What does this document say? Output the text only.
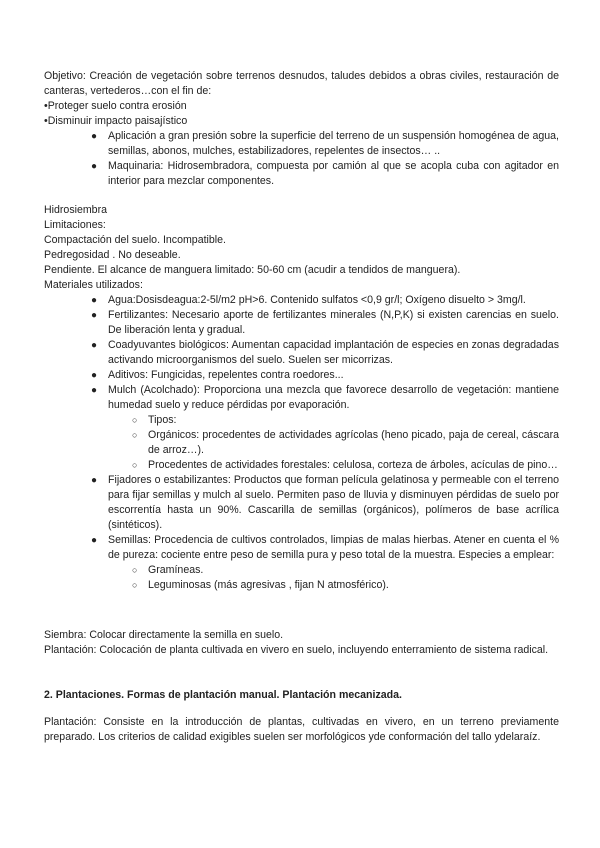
Objetivo: Creación de vegetación sobre terrenos desnudos, taludes debidos a obras civiles, restauración de canteras, vertederos…con el fin de:

•Proteger suelo contra erosión

•Disminuir impacto paisajístico

● Aplicación a gran presión sobre la superficie del terreno de un suspensión homogénea de agua, semillas, abonos, mulches, estabilizadores, repelentes de insectos… ..
● Maquinaria: Hidrosembradora, compuesta por camión al que se acopla cuba con agitador en interior para mezclar componentes.

Hidrosiembra

Limitaciones:

Compactación del suelo. Incompatible.

Pedregosidad . No deseable.

Pendiente. El alcance de manguera limitado: 50-60 cm (acudir a tendidos de manguera).

Materiales utilizados:

● Agua:Dosisdeagua:2-5l/m2 pH>6. Contenido sulfatos <0,9 gr/l; Oxígeno disuelto > 3mg/l.
● Fertilizantes: Necesario aporte de fertilizantes minerales (N,P,K) si existen carencias en suelo. De liberación lenta y gradual.
● Coadyuvantes biológicos: Aumentan capacidad implantación de especies en zonas degradadas activando microorganismos del suelo. Suelen ser micorrizas.
● Aditivos: Fungicidas, repelentes contra roedores...
● Mulch (Acolchado): Proporciona una mezcla que favorece desarrollo de vegetación: mantiene humedad suelo y reduce pérdidas por evaporación.
○ Tipos:
○ Orgánicos: procedentes de actividades agrícolas (heno picado, paja de cereal, cáscara de arroz…).
○ Procedentes de actividades forestales: celulosa, corteza de árboles, acículas de pino…
● Fijadores o estabilizantes: Productos que forman película gelatinosa y permeable con el terreno para fijar semillas y mulch al suelo. Permiten paso de lluvia y disminuyen pérdidas de suelo por escorrentía hasta un 90%. Cascarilla de semillas (orgánicos), polímeros de base acrílica (sintéticos).
● Semillas: Procedencia de cultivos controlados, limpias de malas hierbas. Atener en cuenta el % de pureza: cociente entre peso de semilla pura y peso total de la muestra. Especies a emplear:
○ Gramíneas.
○ Leguminosas (más agresivas , fijan N atmosférico).

Siembra: Colocar directamente la semilla en suelo.

Plantación: Colocación de planta cultivada en vivero en suelo, incluyendo enterramiento de sistema radical.

2. Plantaciones. Formas de plantación manual. Plantación mecanizada.

Plantación: Consiste en la introducción de plantas, cultivadas en vivero, en un terreno previamente preparado. Los criterios de calidad exigibles suelen ser morfológicos yde conformación del tallo ydelaraíz.
